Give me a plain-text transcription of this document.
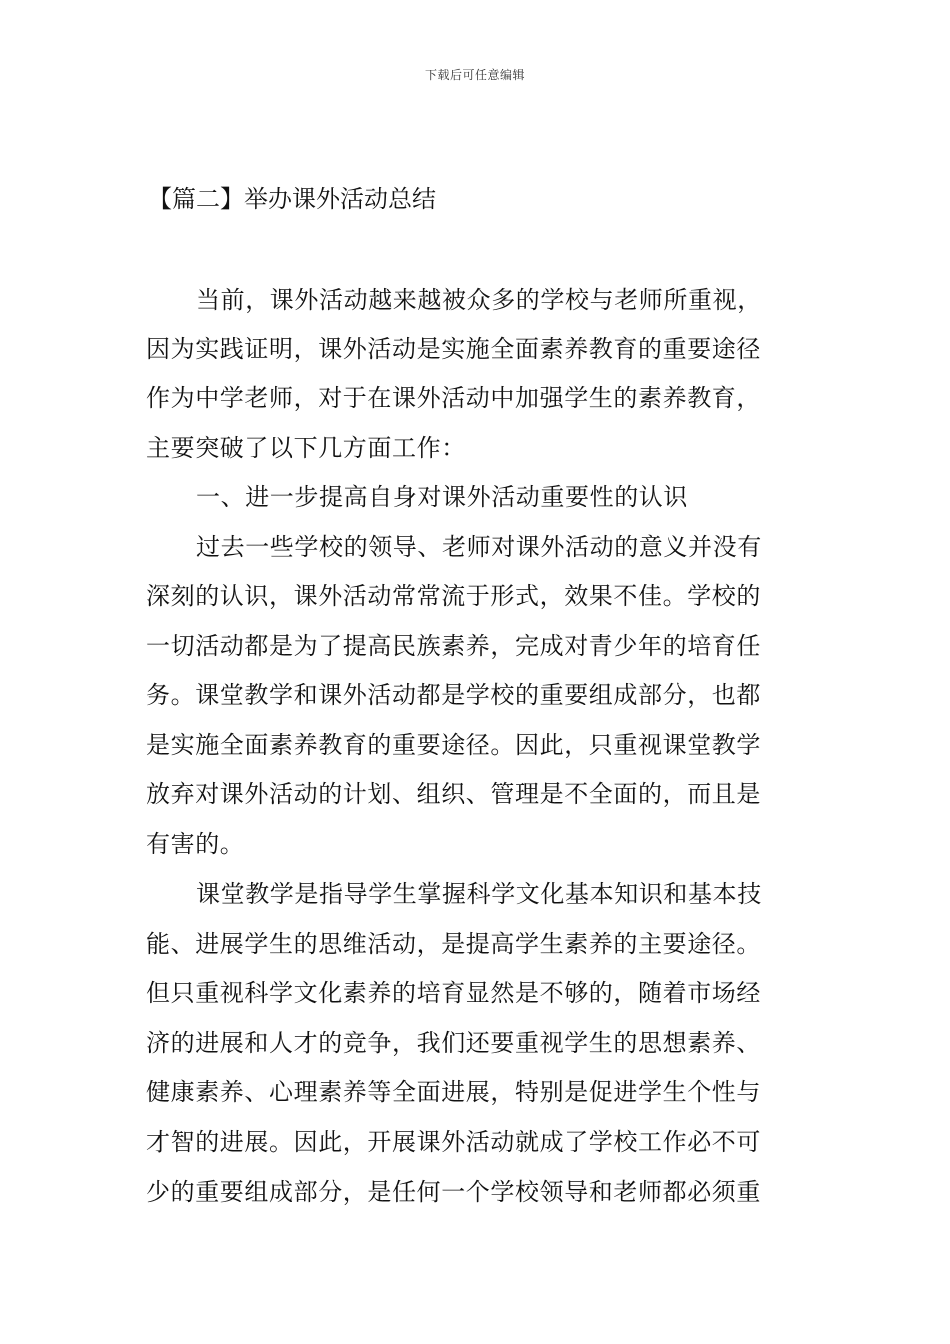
下载后可任意编辑
【篇二】举办课外活动总结
当前，课外活动越来越被众多的学校与老师所重视，
因为实践证明，课外活动是实施全面素养教育的重要途径
作为中学老师，对于在课外活动中加强学生的素养教育，
主要突破了以下几方面工作：
一、进一步提高自身对课外活动重要性的认识
过去一些学校的领导、老师对课外活动的意义并没有
深刻的认识，课外活动常常流于形式，效果不佳。学校的
一切活动都是为了提高民族素养，完成对青少年的培育任
务。课堂教学和课外活动都是学校的重要组成部分，也都
是实施全面素养教育的重要途径。因此，只重视课堂教学
放弃对课外活动的计划、组织、管理是不全面的，而且是
有害的。
课堂教学是指导学生掌握科学文化基本知识和基本技
能、进展学生的思维活动，是提高学生素养的主要途径。
但只重视科学文化素养的培育显然是不够的，随着市场经
济的进展和人才的竞争，我们还要重视学生的思想素养、
健康素养、心理素养等全面进展，特别是促进学生个性与
才智的进展。因此，开展课外活动就成了学校工作必不可
少的重要组成部分，是任何一个学校领导和老师都必须重
